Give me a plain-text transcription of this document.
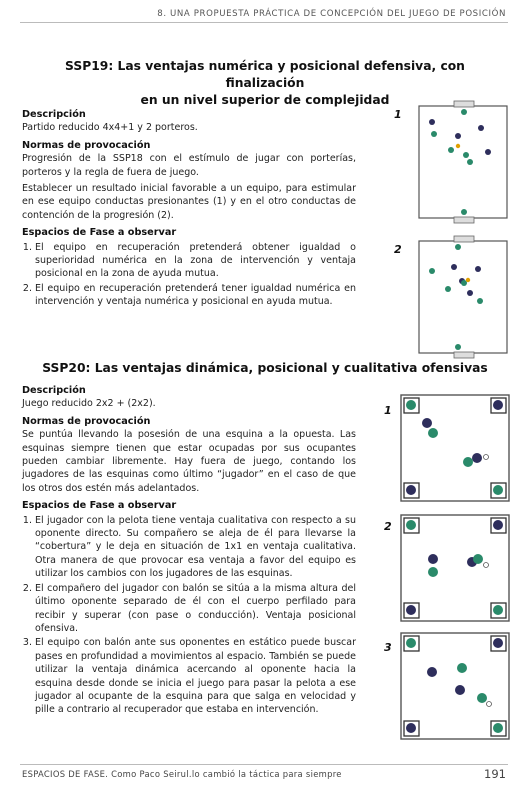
8. UNA PROPUESTA PRÁCTICA DE CONCEPCIÓN DEL JUEGO DE POSICIÓN
SSP19: Las ventajas numérica y posicional defensiva, con finalización
en un nivel superior de complejidad
Descripción

Partido reducido 4x4+1 y 2 porteros.

Normas de provocación

Progresión de la SSP18 con el estímulo de jugar con porterías, porteros y la regla de fuera de juego.

Establecer un resultado inicial favorable a un equipo, para estimular en ese equipo conductas presionantes (1) y en el otro conductas de contención de la progresión (2).

Espacios de Fase a observar
1. El equipo en recuperación pretenderá obtener igualdad o superioridad numérica en la zona de intervención y ventaja posicional en la zona de ayuda mutua.
2. El equipo en recuperación pretenderá tener igualdad numérica en intervención y ventaja numérica y posicional en ayuda mutua.
1
2
SSP20: Las ventajas dinámica, posicional y cualitativa ofensivas
Descripción

Juego reducido 2x2 + (2x2).

Normas de provocación

Se puntúa llevando la posesión de una esquina a la opuesta. Las esquinas siempre tienen que estar ocupadas por sus ocupantes pueden cambiar libremente. Hay fuera de juego, contando los jugadores de las esquinas como último “jugador” en el caso de que los otros dos estén más adelantados.

Espacios de Fase a observar
1. El jugador con la pelota tiene ventaja cualitativa con respecto a su oponente directo. Su compañero se aleja de él para llevarse la “cobertura” y le deja en situación de 1x1 en ventaja cualitativa. Otra manera de que provocar esa ventaja a favor del equipo es utilizar los cambios con los jugadores de las esquinas.
2. El compañero del jugador con balón se sitúa a la misma altura del último oponente separado de él con el cuerpo perfilado para recibir y superar (con pase o conducción). Ventaja posicional ofensiva.
3. El equipo con balón ante sus oponentes en estático puede buscar pases en profundidad a movimientos al espacio. También se puede utilizar la ventaja dinámica acercando al oponente hacia la esquina desde donde se inicia el juego para pasar la pelota a ese jugador al ocupante de la esquina para que salga en velocidad y pille a contrario al recuperador que estaba en intervención.
1
2
3
ESPACIOS DE FASE. Como Paco Seirul.lo cambió la táctica para siempre	191
